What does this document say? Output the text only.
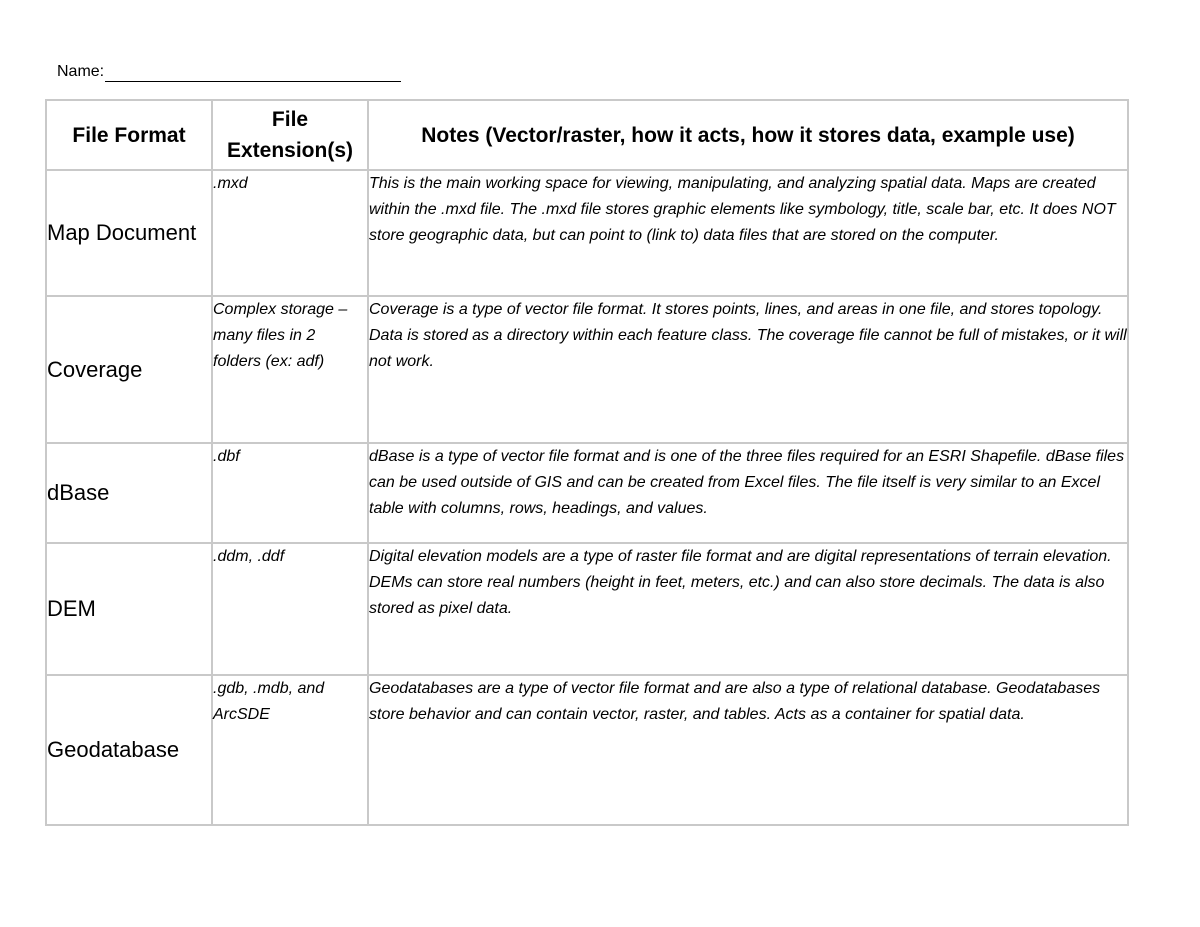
Name:
File Format	File Extension(s)	Notes (Vector/raster, how it acts, how it stores data, example use)
Map Document	.mxd	This is the main working space for viewing, manipulating, and analyzing spatial data. Maps are created within the .mxd file. The .mxd file stores graphic elements like symbology, title, scale bar, etc. It does NOT store geographic data, but can point to (link to) data files that are stored on the computer.
Coverage	Complex storage – many files in 2 folders (ex: adf)	Coverage is a type of vector file format. It stores points, lines, and areas in one file, and stores topology. Data is stored as a directory within each feature class. The coverage file cannot be full of mistakes, or it will not work.
dBase	.dbf	dBase is a type of vector file format and is one of the three files required for an ESRI Shapefile. dBase files can be used outside of GIS and can be created from Excel files. The file itself is very similar to an Excel table with columns, rows, headings, and values.
DEM	.ddm, .ddf	Digital elevation models are a type of raster file format and are digital representations of terrain elevation. DEMs can store real numbers (height in feet, meters, etc.) and can also store decimals. The data is also stored as pixel data.
Geodatabase	.gdb, .mdb, and ArcSDE	Geodatabases are a type of vector file format and are also a type of relational database. Geodatabases store behavior and can contain vector, raster, and tables. Acts as a container for spatial data.
